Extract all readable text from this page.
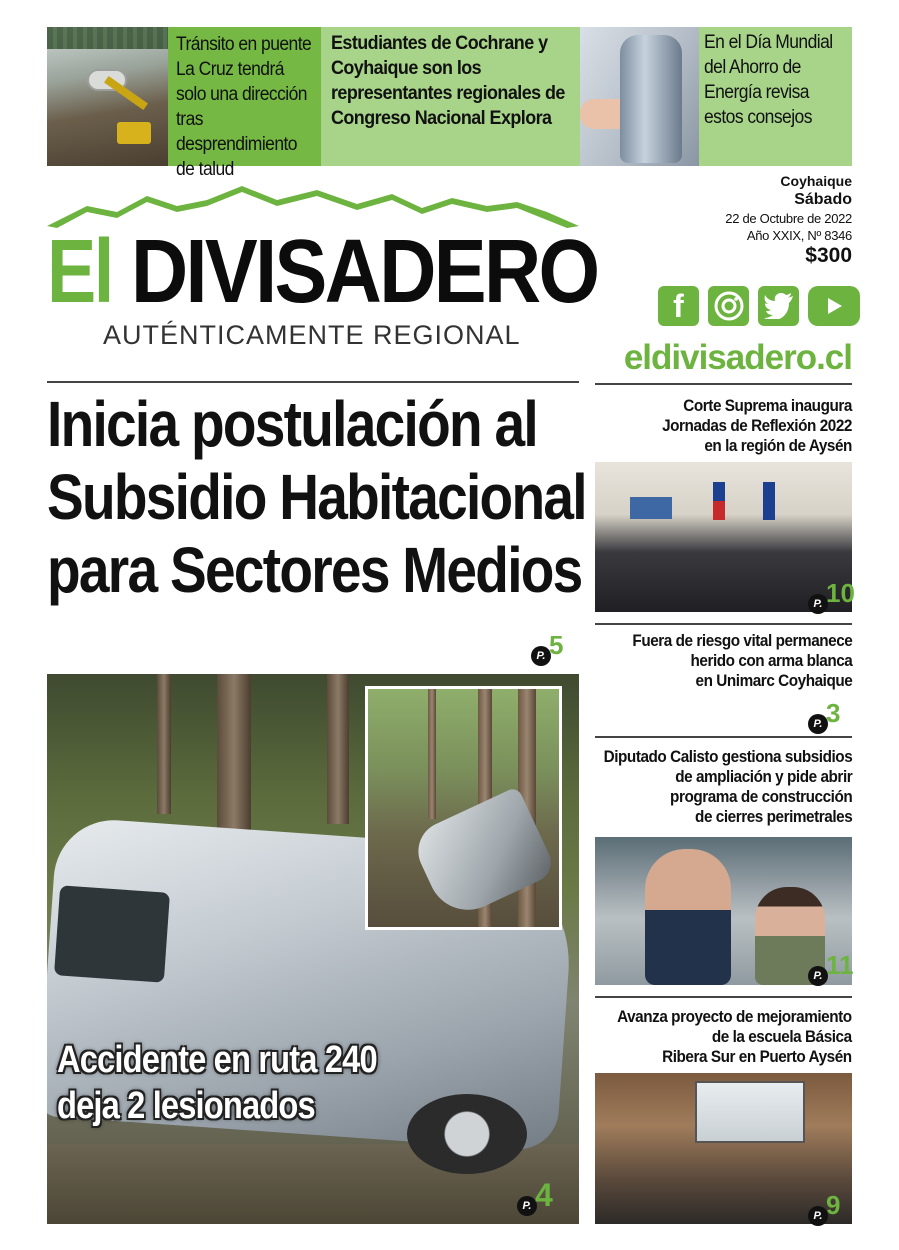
Tránsito en puente La Cruz tendrá solo una dirección tras desprendimiento de talud
Estudiantes de Cochrane y Coyhaique son los representantes regionales de Congreso Nacional Explora
En el Día Mundial del Ahorro de Energía revisa estos consejos
El DIVISADERO
AUTÉNTICAMENTE REGIONAL
Coyhaique
Sábado
22 de Octubre de 2022
Año XXIX, Nº 8346
$300
f
eldivisadero.cl
Inicia postulación al
Subsidio Habitacional
para Sectores Medios
P. 5
Accidente en ruta 240
deja 2 lesionados
P. 4
Corte Suprema inaugura
Jornadas de Reflexión 2022
en la región de Aysén
P. 10
Fuera de riesgo vital permanece
herido con arma blanca
en Unimarc Coyhaique
P. 3
Diputado Calisto gestiona subsidios
de ampliación y pide abrir
programa de construcción
de cierres perimetrales
P. 11
Avanza proyecto de mejoramiento
de la escuela Básica
Ribera Sur en Puerto Aysén
P. 9
